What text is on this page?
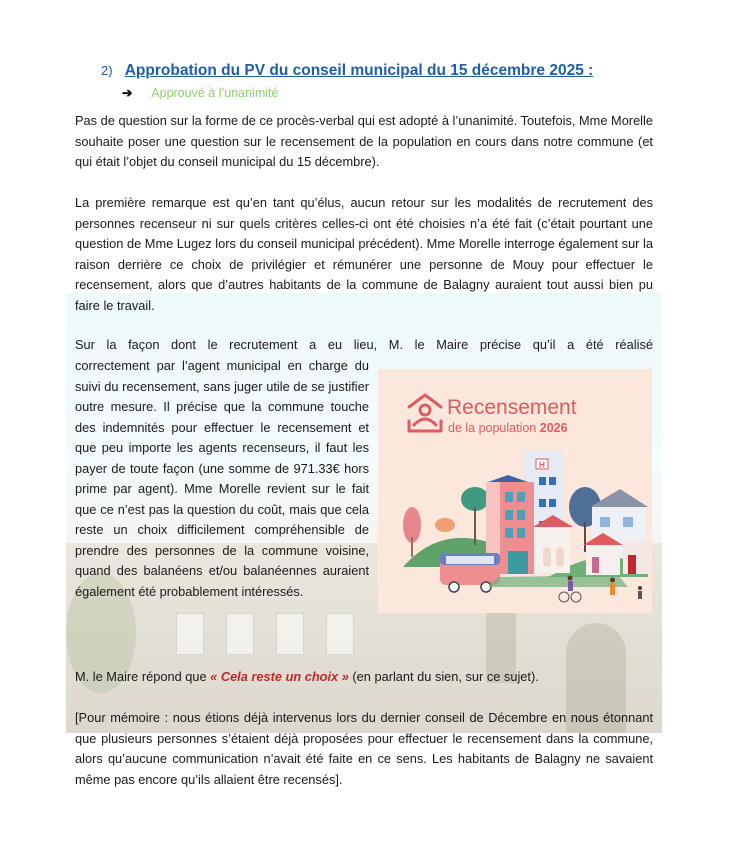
2) Approbation du PV du conseil municipal du 15 décembre 2025 :
➔ Approuvé à l’unanimité

Pas de question sur la forme de ce procès-verbal qui est adopté à l’unanimité. Toutefois, Mme Morelle souhaite poser une question sur le recensement de la population en cours dans notre commune (et qui était l’objet du conseil municipal du 15 décembre).

La première remarque est qu’en tant qu’élus, aucun retour sur les modalités de recrutement des personnes recenseur ni sur quels critères celles-ci ont été choisies n’a été fait (c’était pourtant une question de Mme Lugez lors du conseil municipal précédent). Mme Morelle interroge également sur la raison derrière ce choix de privilégier et rémunérer une personne de Mouy pour effectuer le recensement, alors que d’autres habitants de la commune de Balagny auraient tout aussi bien pu faire le travail.

Sur la façon dont le recrutement a eu lieu, M. le Maire précise qu’il a été réalisé

correctement par l’agent municipal en charge du suivi du recensement, sans juger utile de se justifier outre mesure. Il précise que la commune touche des indemnités pour effectuer le recensement et que peu importe les agents recenseurs, il faut les payer de toute façon (une somme de 971.33€ hors prime par agent). Mme Morelle revient sur le fait que ce n’est pas la question du coût, mais que cela reste un choix difficilement compréhensible de prendre des personnes de la commune voisine, quand des balanéens et/ou balanéennes auraient également été probablement intéressés.

M. le Maire répond que « Cela reste un choix » (en parlant du sien, sur ce sujet).

[Pour mémoire : nous étions déjà intervenus lors du dernier conseil de Décembre en nous étonnant que plusieurs personnes s’étaient déjà proposées pour effectuer le recensement dans la commune, alors qu’aucune communication n’avait été faite en ce sens. Les habitants de Balagny ne savaient même pas encore qu’ils allaient être recensés].

Recensement
de la population 2026
H
